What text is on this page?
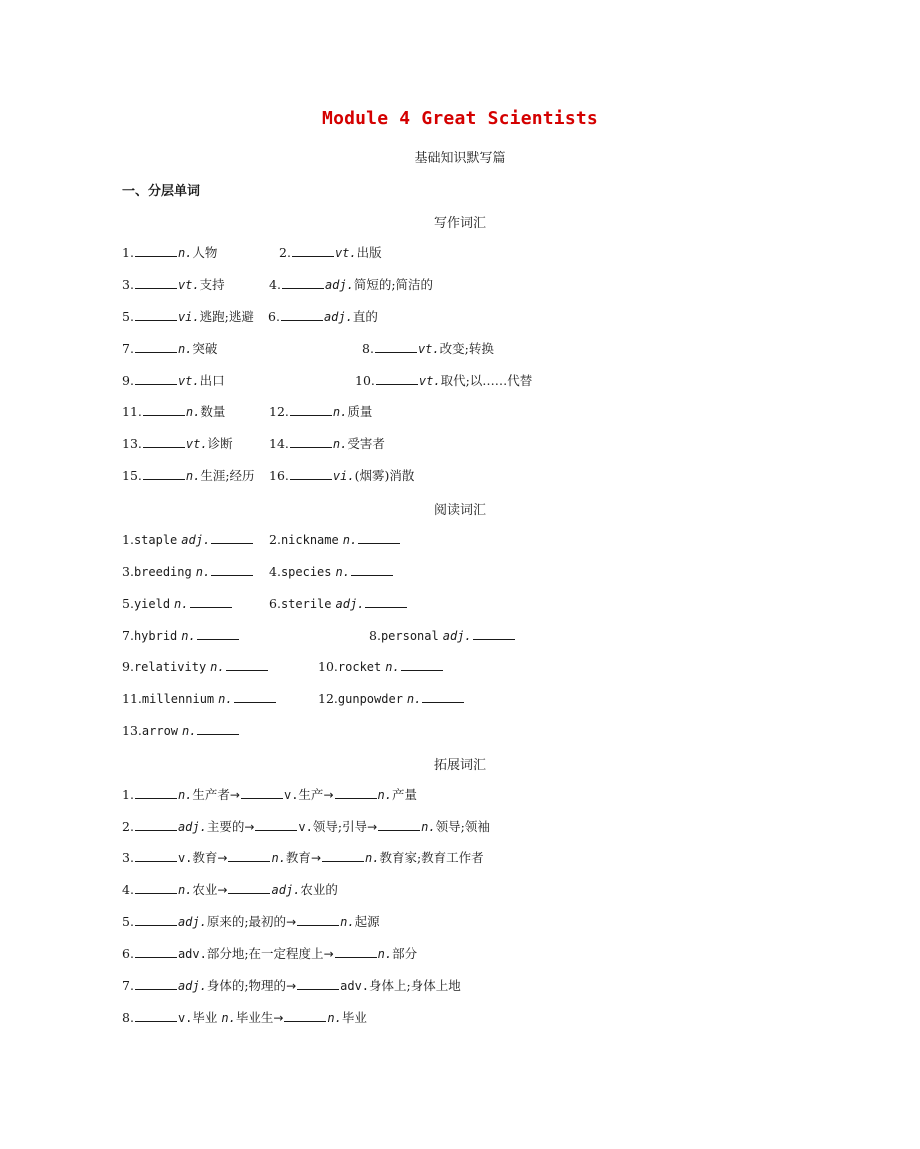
Module 4 Great Scientists
基础知识默写篇
一、分层单词
写作词汇
1.	n.人物	2.	vt.出版
3.	vt.支持	4.	adj.简短的;简洁的
5.	vi.逃跑;逃避 6.	adj.直的
7.	n.突破	8.	vt.改变;转换
9.	vt.出口	10.	vt.取代;以……代替
11.	n.数量	12.	n.质量
13.	vt.诊断	14.	n.受害者
15.	n.生涯;经历 16.	vi.(烟雾)消散
阅读词汇
1.staple adj.	2.nickname n.
3.breeding n.	4.species n.
5.yield n.	6.sterile adj.
7.hybrid n.	8.personal adj.
9.relativity n.	10.rocket n.
11.millennium n.	12.gunpowder n.
13.arrow n.
拓展词汇
1.	n.生产者→	v.生产→	n.产量
2.	adj.主要的→	v.领导;引导→	n.领导;领袖
3.	v.教育→	n.教育→	n.教育家;教育工作者
4.	n.农业→	adj.农业的
5.	adj.原来的;最初的→	n.起源
6.	adv.部分地;在一定程度上→	n.部分
7.	adj.身体的;物理的→	adv.身体上;身体上地
8.	v.毕业 n.毕业生→	n.毕业
